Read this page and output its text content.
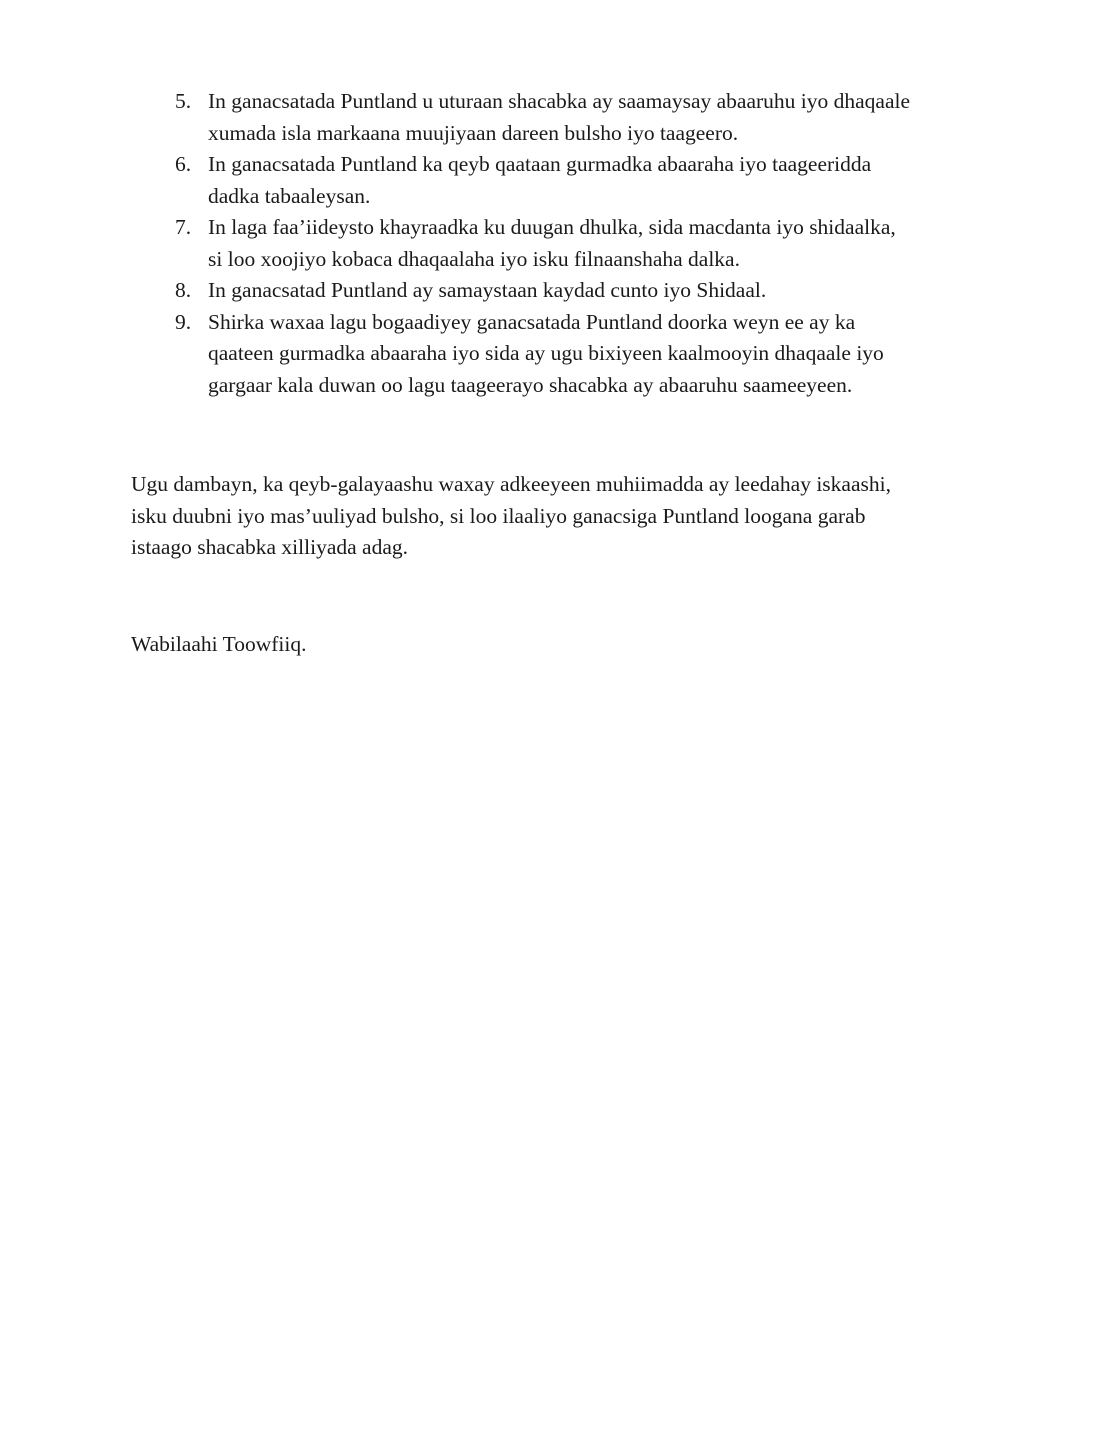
5. In ganacsatada Puntland u uturaan shacabka ay saamaysay abaaruhu iyo dhaqaale
xumada isla markaana muujiyaan dareen bulsho iyo taageero.
6. In ganacsatada Puntland ka qeyb qaataan gurmadka abaaraha iyo taageeridda
dadka tabaaleysan.
7. In laga faa’iideysto khayraadka ku duugan dhulka, sida macdanta iyo shidaalka,
si loo xoojiyo kobaca dhaqaalaha iyo isku filnaanshaha dalka.
8. In ganacsatad Puntland ay samaystaan kaydad cunto iyo Shidaal.
9. Shirka waxaa lagu bogaadiyey ganacsatada Puntland doorka weyn ee ay ka
qaateen gurmadka abaaraha iyo sida ay ugu bixiyeen kaalmooyin dhaqaale iyo
gargaar kala duwan oo lagu taageerayo shacabka ay abaaruhu saameeyeen.
Ugu dambayn, ka qeyb-galayaashu waxay adkeeyeen muhiimadda ay leedahay iskaashi,
isku duubni iyo mas’uuliyad bulsho, si loo ilaaliyo ganacsiga Puntland loogana garab
istaago shacabka xilliyada adag.
Wabilaahi Toowfiiq.
